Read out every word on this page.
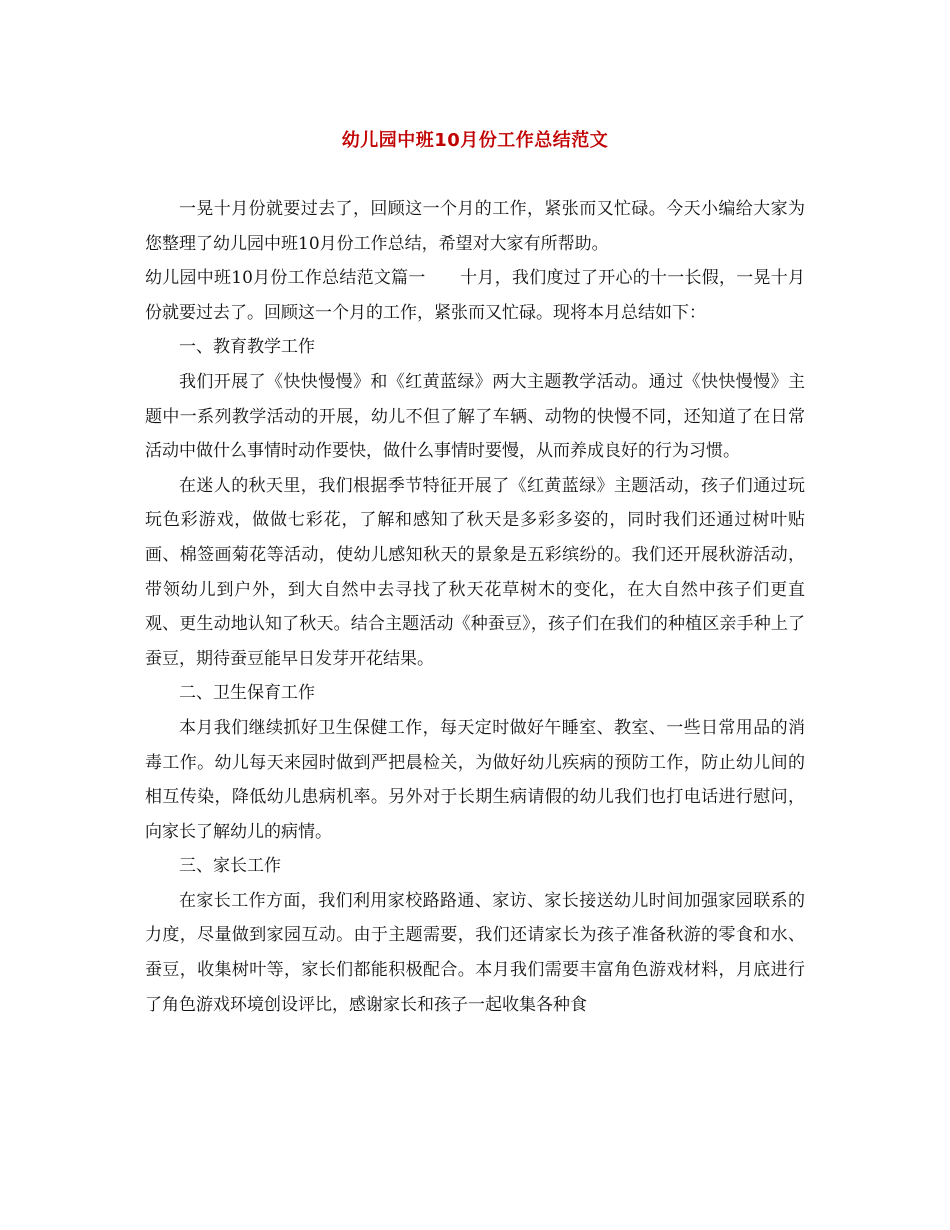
幼儿园中班10月份工作总结范文

一晃十月份就要过去了，回顾这一个月的工作，紧张而又忙碌。今天小编给大家为您整理了幼儿园中班10月份工作总结，希望对大家有所帮助。

幼儿园中班10月份工作总结范文篇一　　十月，我们度过了开心的十一长假，一晃十月份就要过去了。回顾这一个月的工作，紧张而又忙碌。现将本月总结如下：

一、教育教学工作

我们开展了《快快慢慢》和《红黄蓝绿》两大主题教学活动。通过《快快慢慢》主题中一系列教学活动的开展，幼儿不但了解了车辆、动物的快慢不同，还知道了在日常活动中做什么事情时动作要快，做什么事情时要慢，从而养成良好的行为习惯。

在迷人的秋天里，我们根据季节特征开展了《红黄蓝绿》主题活动，孩子们通过玩玩色彩游戏，做做七彩花，了解和感知了秋天是多彩多姿的，同时我们还通过树叶贴画、棉签画菊花等活动，使幼儿感知秋天的景象是五彩缤纷的。我们还开展秋游活动，带领幼儿到户外，到大自然中去寻找了秋天花草树木的变化，在大自然中孩子们更直观、更生动地认知了秋天。结合主题活动《种蚕豆》，孩子们在我们的种植区亲手种上了蚕豆，期待蚕豆能早日发芽开花结果。

二、卫生保育工作

本月我们继续抓好卫生保健工作，每天定时做好午睡室、教室、一些日常用品的消毒工作。幼儿每天来园时做到严把晨检关，为做好幼儿疾病的预防工作，防止幼儿间的相互传染，降低幼儿患病机率。另外对于长期生病请假的幼儿我们也打电话进行慰问，向家长了解幼儿的病情。

三、家长工作

在家长工作方面，我们利用家校路路通、家访、家长接送幼儿时间加强家园联系的力度，尽量做到家园互动。由于主题需要，我们还请家长为孩子准备秋游的零食和水、蚕豆，收集树叶等，家长们都能积极配合。本月我们需要丰富角色游戏材料，月底进行了角色游戏环境创设评比，感谢家长和孩子一起收集各种食
